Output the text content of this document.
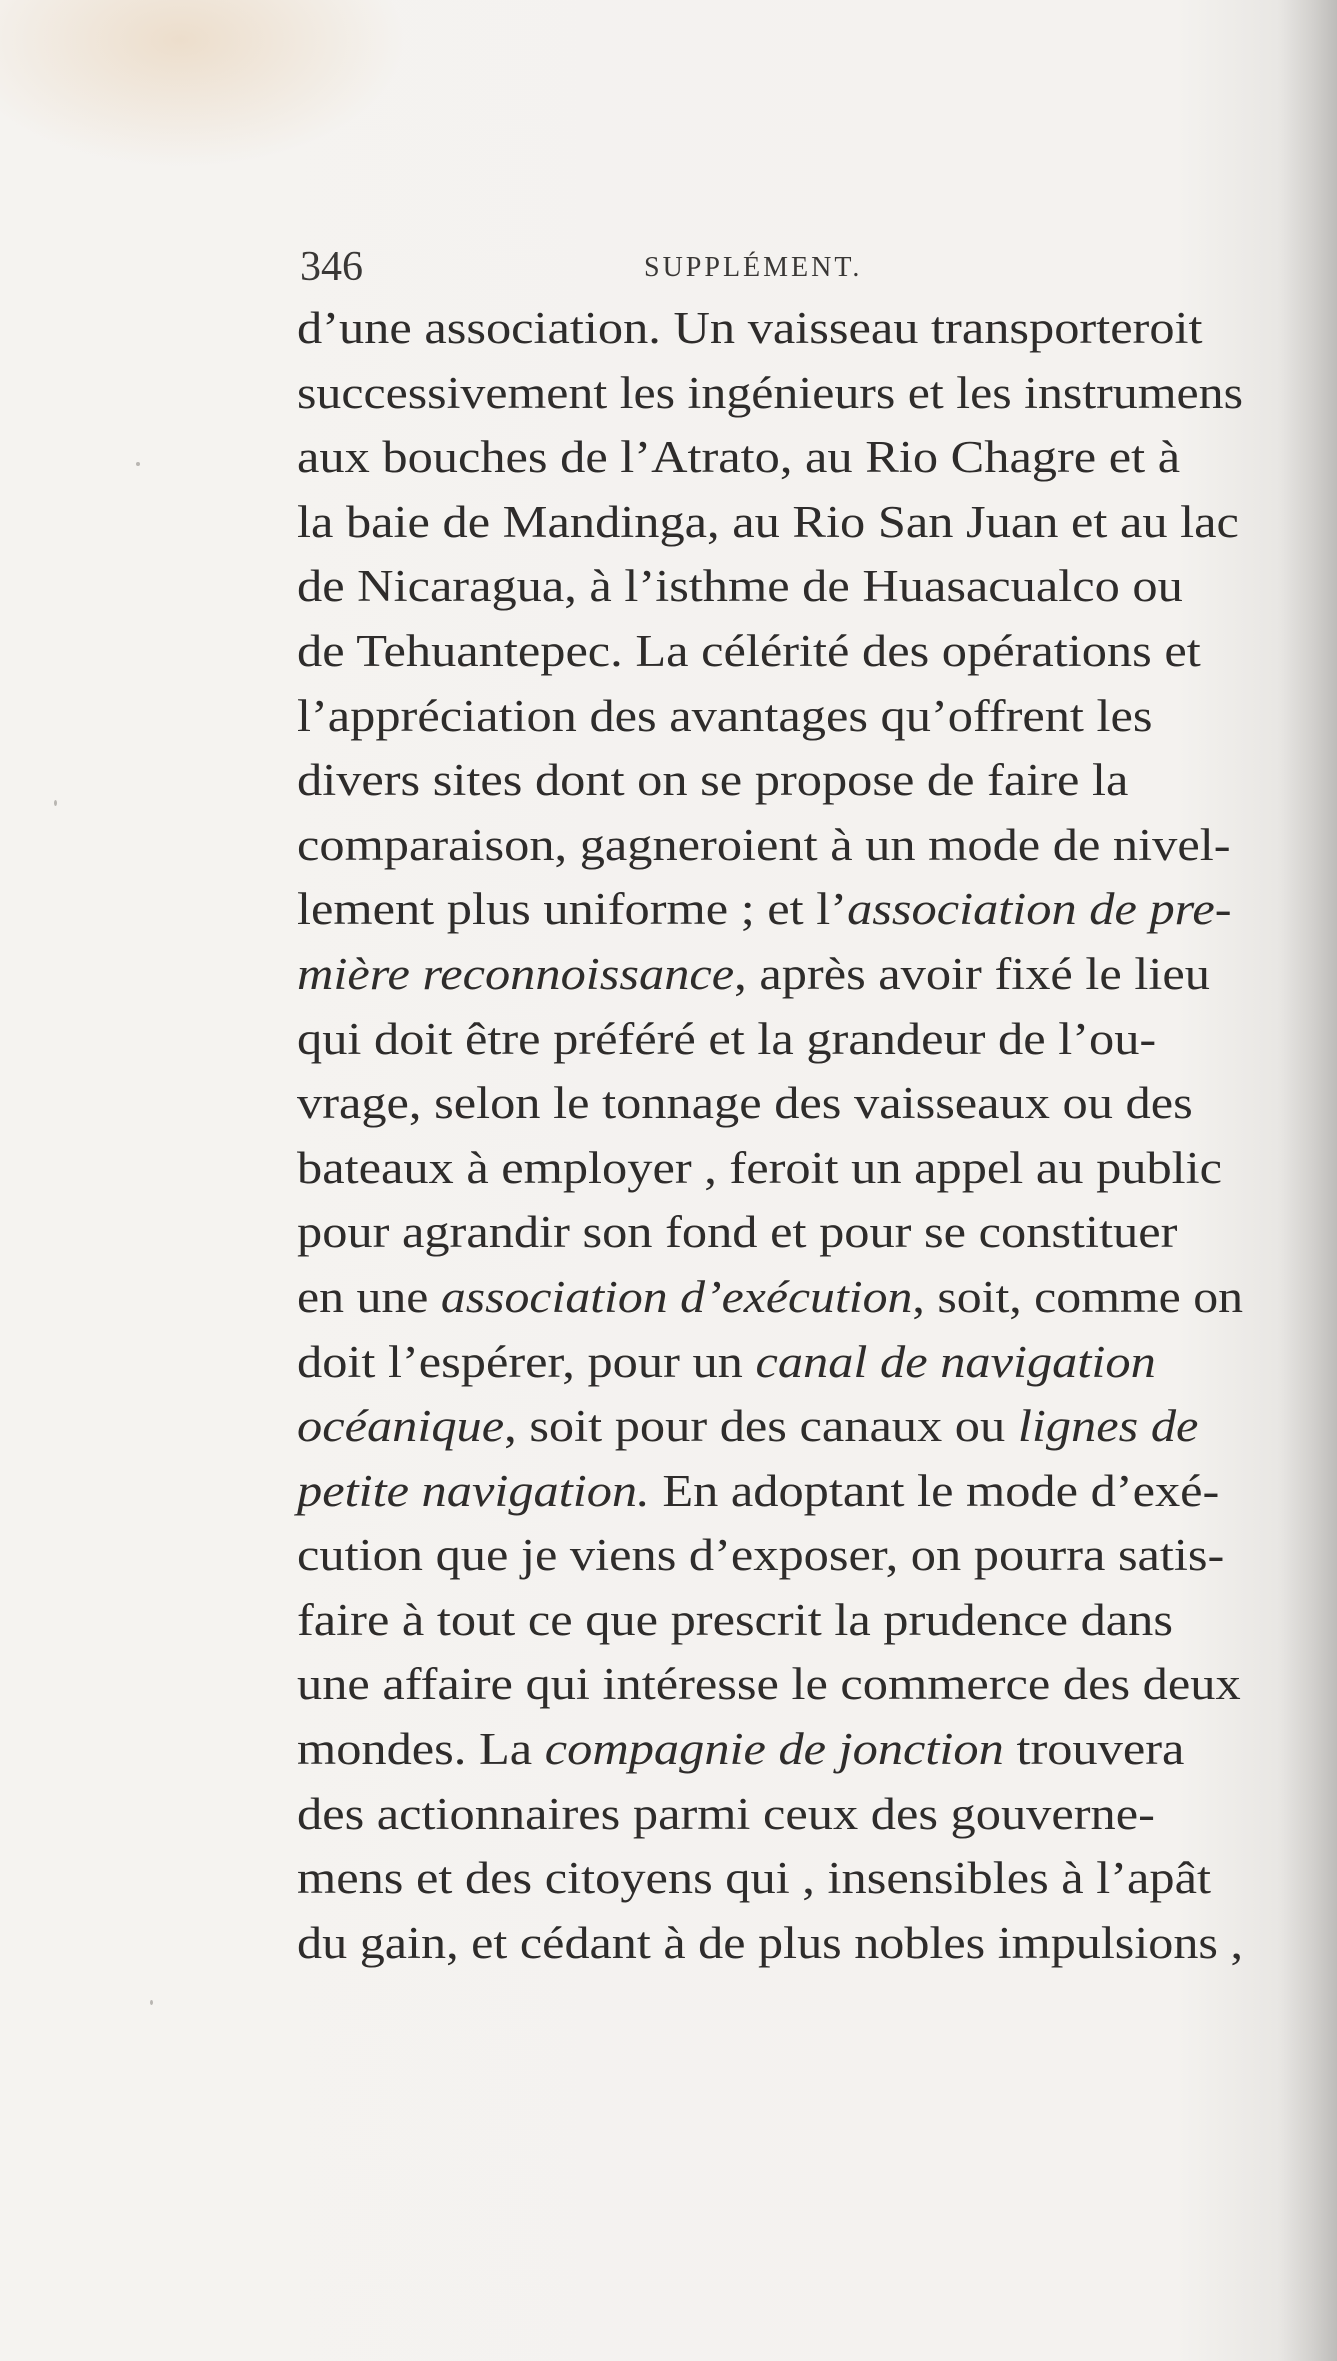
346	SUPPLÉMENT.
d’une association. Un vaisseau transporteroit
successivement les ingénieurs et les instrumens
aux bouches de l’Atrato, au Rio Chagre et à
la baie de Mandinga, au Rio San Juan et au lac
de Nicaragua, à l’isthme de Huasacualco ou
de Tehuantepec. La célérité des opérations et
l’appréciation des avantages qu’offrent les
divers sites dont on se propose de faire la
comparaison, gagneroient à un mode de nivel-
lement plus uniforme ; et l’association de pre-
mière reconnoissance, après avoir fixé le lieu
qui doit être préféré et la grandeur de l’ou-
vrage, selon le tonnage des vaisseaux ou des
bateaux à employer , feroit un appel au public
pour agrandir son fond et pour se constituer
en une association d’exécution, soit, comme on
doit l’espérer, pour un canal de navigation
océanique, soit pour des canaux ou lignes de
petite navigation. En adoptant le mode d’exé-
cution que je viens d’exposer, on pourra satis-
faire à tout ce que prescrit la prudence dans
une affaire qui intéresse le commerce des deux
mondes. La compagnie de jonction trouvera
des actionnaires parmi ceux des gouverne-
mens et des citoyens qui , insensibles à l’apât
du gain, et cédant à de plus nobles impulsions ,
